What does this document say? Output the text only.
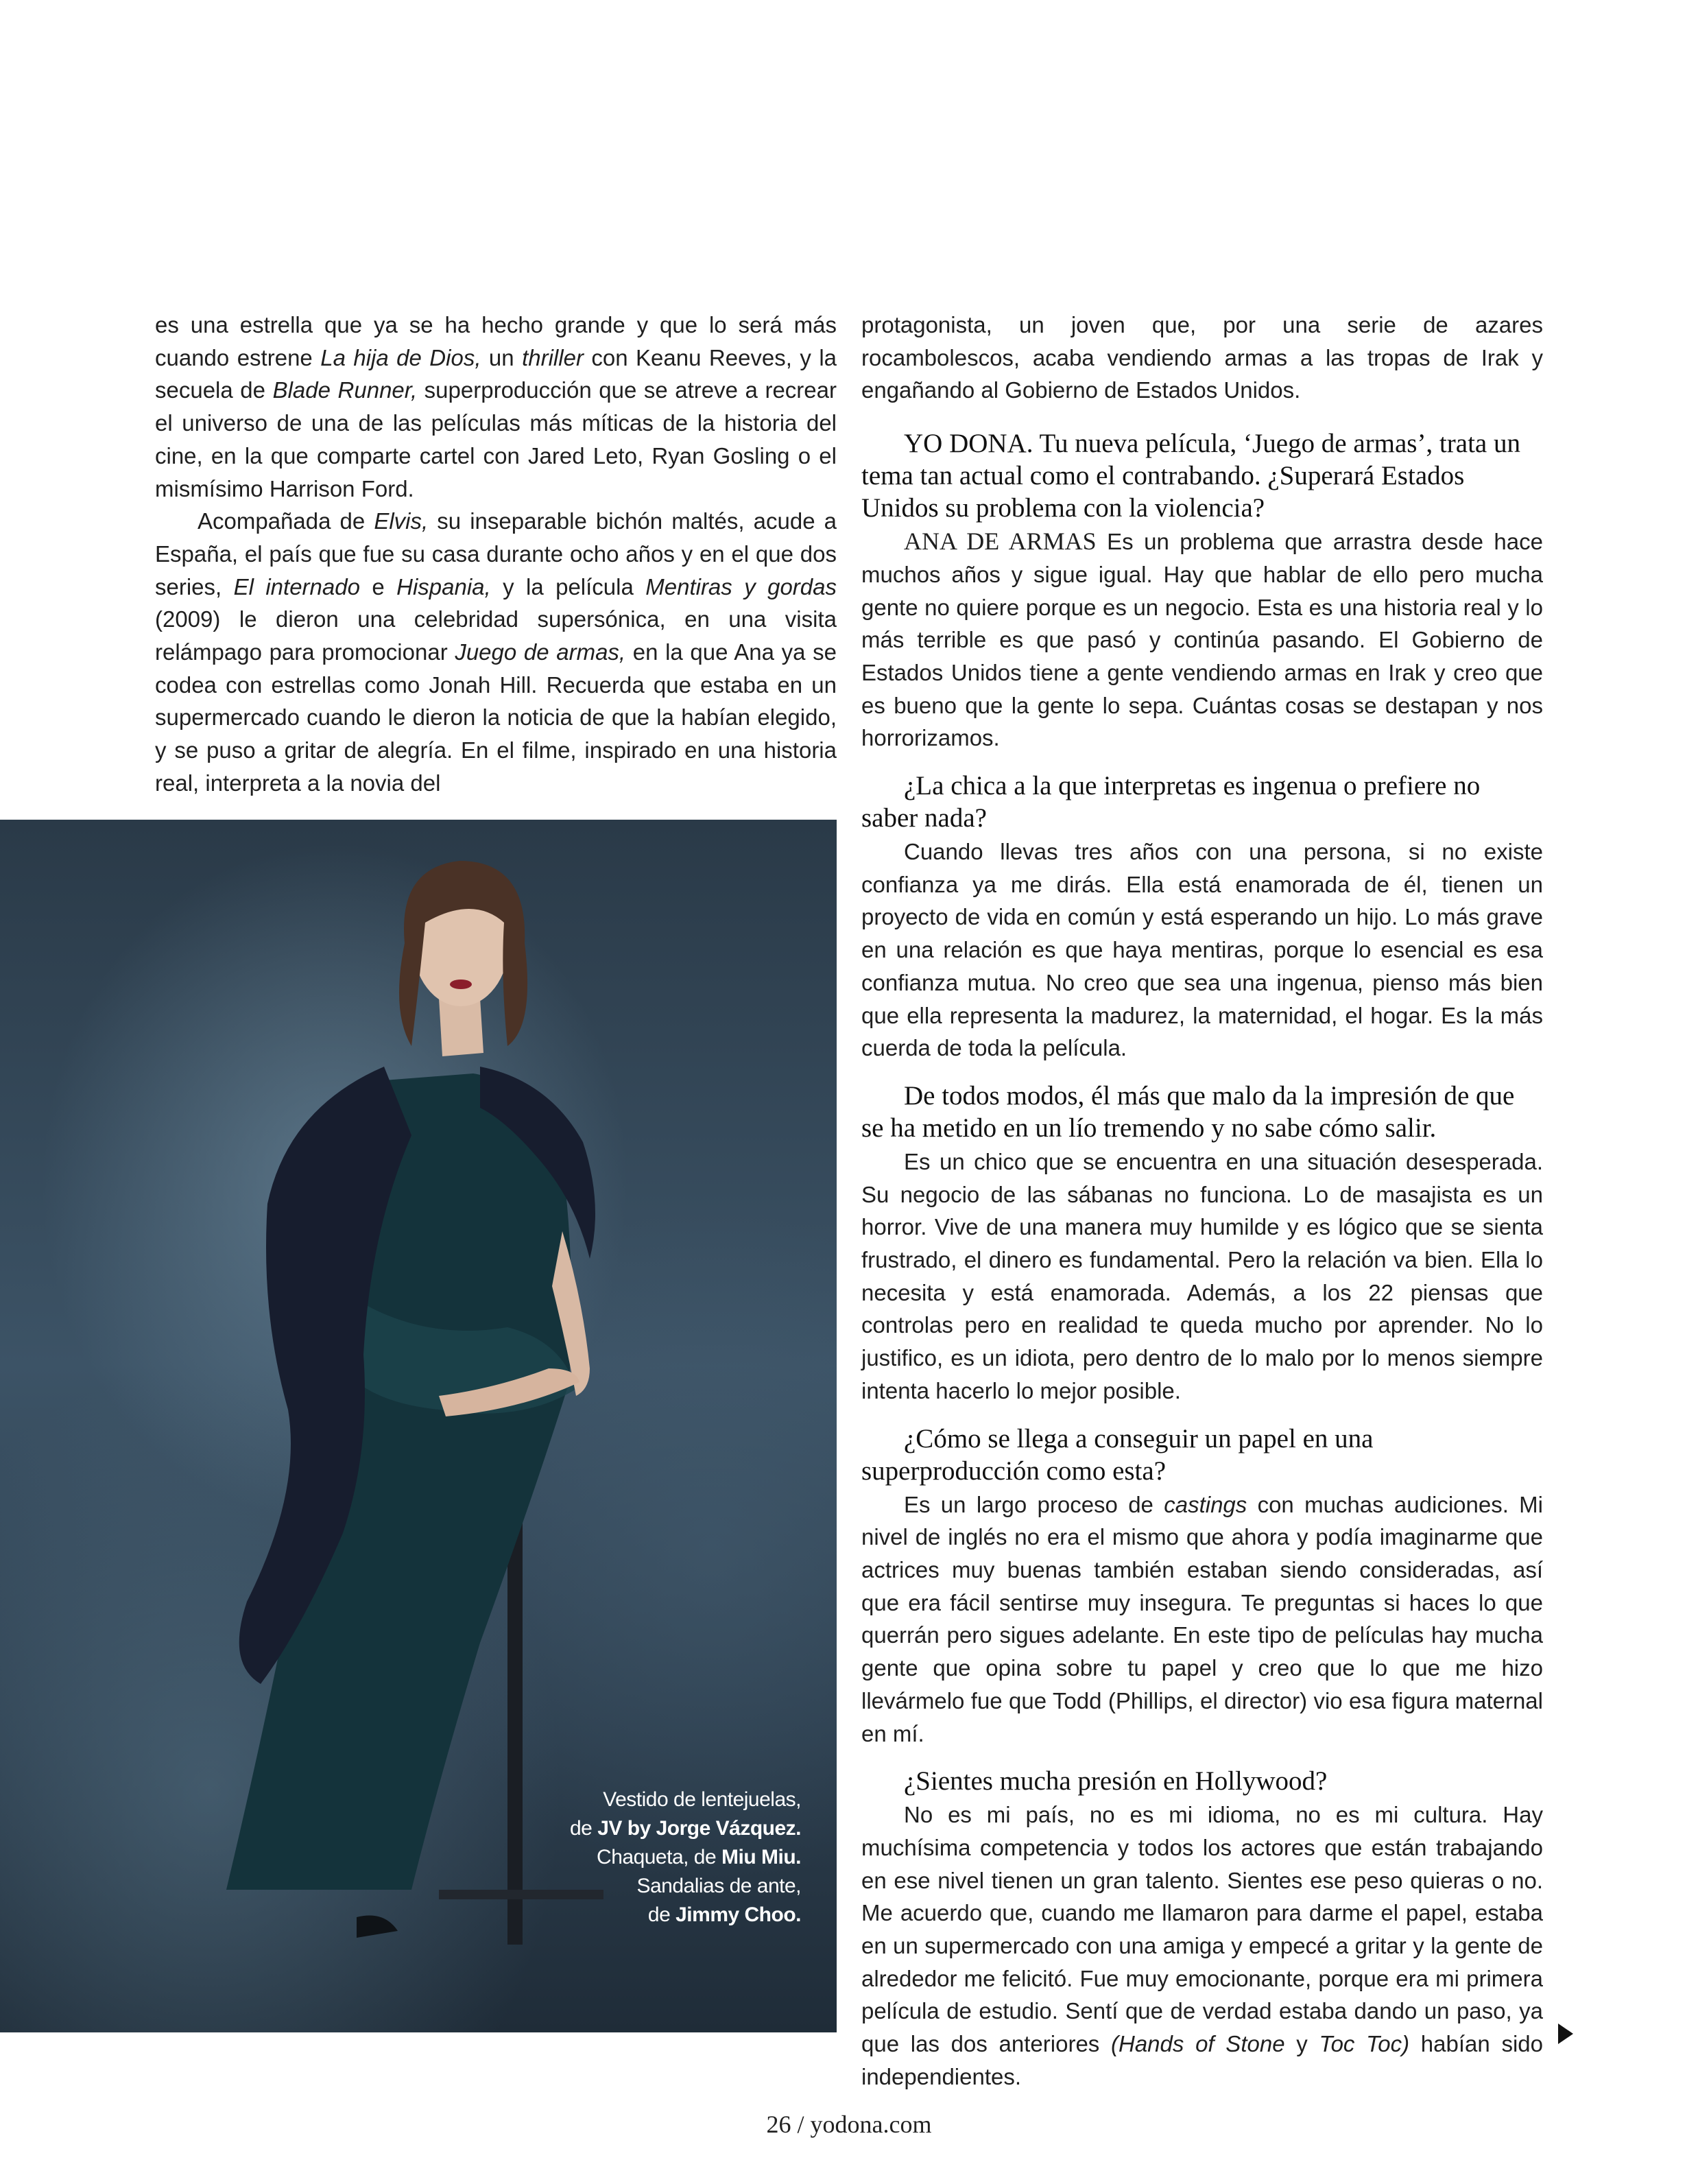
es una estrella que ya se ha hecho grande y que lo será más cuando estrene La hija de Dios, un thriller con Keanu Reeves, y la secuela de Blade Runner, superproducción que se atreve a recrear el universo de una de las películas más míticas de la historia del cine, en la que comparte cartel con Jared Leto, Ryan Gosling o el mismísimo Harrison Ford.

Acompañada de Elvis, su inseparable bichón maltés, acude a España, el país que fue su casa durante ocho años y en el que dos series, El internado e Hispania, y la película Mentiras y gordas (2009) le dieron una celebridad supersónica, en una visita relámpago para promocionar Juego de armas, en la que Ana ya se codea con estrellas como Jonah Hill. Recuerda que estaba en un supermercado cuando le dieron la noticia de que la habían elegido, y se puso a gritar de alegría. En el filme, inspirado en una historia real, interpreta a la novia del

Vestido de lentejuelas,
de JV by Jorge Vázquez.
Chaqueta, de Miu Miu.
Sandalias de ante,
de Jimmy Choo.

protagonista, un joven que, por una serie de azares rocambolescos, acaba vendiendo armas a las tropas de Irak y engañando al Gobierno de Estados Unidos.

YO DONA. Tu nueva película, ‘Juego de armas’, trata un tema tan actual como el contrabando. ¿Superará Estados Unidos su problema con la violencia?

ANA DE ARMAS Es un problema que arrastra desde hace muchos años y sigue igual. Hay que hablar de ello pero mucha gente no quiere porque es un negocio. Esta es una historia real y lo más terrible es que pasó y continúa pasando. El Gobierno de Estados Unidos tiene a gente vendiendo armas en Irak y creo que es bueno que la gente lo sepa. Cuántas cosas se destapan y nos horrorizamos.

¿La chica a la que interpretas es ingenua o prefiere no saber nada?

Cuando llevas tres años con una persona, si no existe confianza ya me dirás. Ella está enamorada de él, tienen un proyecto de vida en común y está esperando un hijo. Lo más grave en una relación es que haya mentiras, porque lo esencial es esa confianza mutua. No creo que sea una ingenua, pienso más bien que ella representa la madurez, la maternidad, el hogar. Es la más cuerda de toda la película.

De todos modos, él más que malo da la impresión de que se ha metido en un lío tremendo y no sabe cómo salir.

Es un chico que se encuentra en una situación desesperada. Su negocio de las sábanas no funciona. Lo de masajista es un horror. Vive de una manera muy humilde y es lógico que se sienta frustrado, el dinero es fundamental. Pero la relación va bien. Ella lo necesita y está enamorada. Además, a los 22 piensas que controlas pero en realidad te queda mucho por aprender. No lo justifico, es un idiota, pero dentro de lo malo por lo menos siempre intenta hacerlo lo mejor posible.

¿Cómo se llega a conseguir un papel en una superproducción como esta?

Es un largo proceso de castings con muchas audiciones. Mi nivel de inglés no era el mismo que ahora y podía imaginarme que actrices muy buenas también estaban siendo consideradas, así que era fácil sentirse muy insegura. Te preguntas si haces lo que querrán pero sigues adelante. En este tipo de películas hay mucha gente que opina sobre tu papel y creo que lo que me hizo llevármelo fue que Todd (Phillips, el director) vio esa figura maternal en mí.

¿Sientes mucha presión en Hollywood?

No es mi país, no es mi idioma, no es mi cultura. Hay muchísima competencia y todos los actores que están trabajando en ese nivel tienen un gran talento. Sientes ese peso quieras o no. Me acuerdo que, cuando me llamaron para darme el papel, estaba en un supermercado con una amiga y empecé a gritar y la gente de alrededor me felicitó. Fue muy emocionante, porque era mi primera película de estudio. Sentí que de verdad estaba dando un paso, ya que las dos anteriores (Hands of Stone y Toc Toc) habían sido independientes.

26 / yodona.com
